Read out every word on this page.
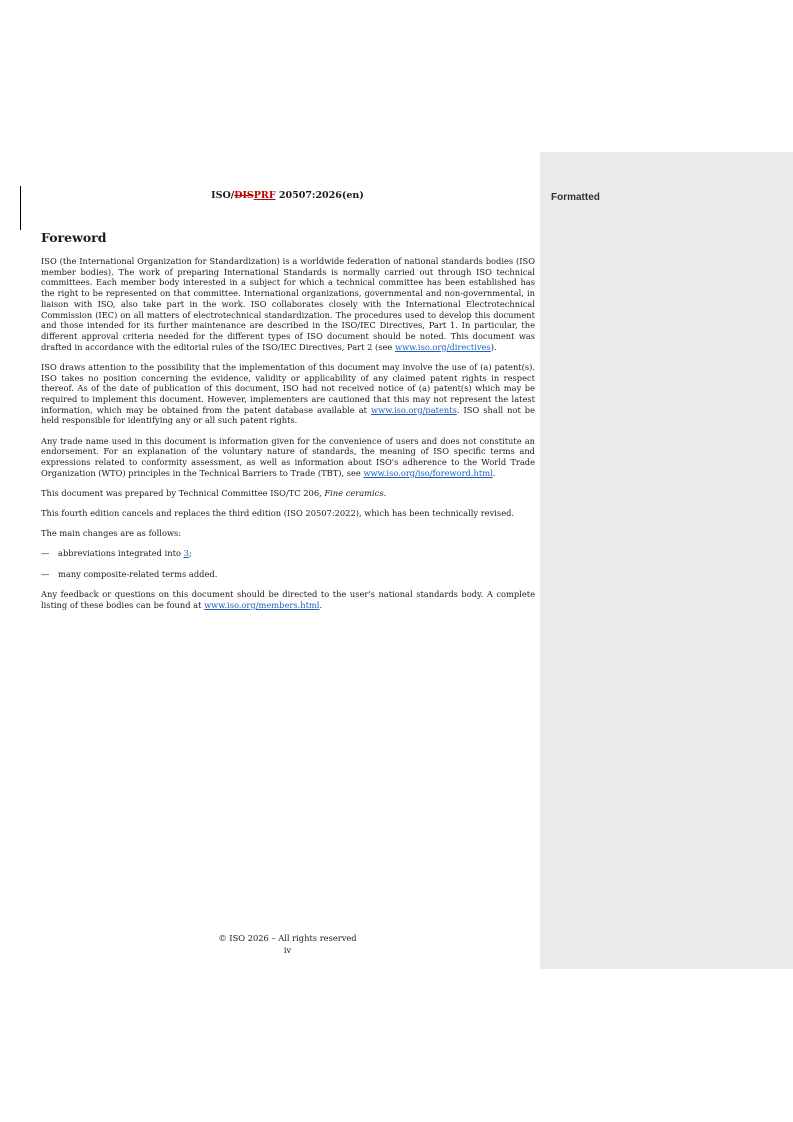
Formatted
ISO/DISPRF 20507:2026(en)
Foreword

ISO (the International Organization for Standardization) is a worldwide federation of national standards bodies (ISO member bodies). The work of preparing International Standards is normally carried out through ISO technical committees. Each member body interested in a subject for which a technical committee has been established has the right to be represented on that committee. International organizations, governmental and non-governmental, in liaison with ISO, also take part in the work. ISO collaborates closely with the International Electrotechnical Commission (IEC) on all matters of electrotechnical standardization. The procedures used to develop this document and those intended for its further maintenance are described in the ISO/IEC Directives, Part 1. In particular, the different approval criteria needed for the different types of ISO document should be noted. This document was drafted in accordance with the editorial rules of the ISO/IEC Directives, Part 2 (see www.iso.org/directives).

ISO draws attention to the possibility that the implementation of this document may involve the use of (a) patent(s). ISO takes no position concerning the evidence, validity or applicability of any claimed patent rights in respect thereof. As of the date of publication of this document, ISO had not received notice of (a) patent(s) which may be required to implement this document. However, implementers are cautioned that this may not represent the latest information, which may be obtained from the patent database available at www.iso.org/patents. ISO shall not be held responsible for identifying any or all such patent rights.

Any trade name used in this document is information given for the convenience of users and does not constitute an endorsement. For an explanation of the voluntary nature of standards, the meaning of ISO specific terms and expressions related to conformity assessment, as well as information about ISO's adherence to the World Trade Organization (WTO) principles in the Technical Barriers to Trade (TBT), see www.iso.org/iso/foreword.html.

This document was prepared by Technical Committee ISO/TC 206, Fine ceramics.

This fourth edition cancels and replaces the third edition (ISO 20507:2022), which has been technically revised.

The main changes are as follows:

— abbreviations integrated into 3;
— many composite-related terms added.

Any feedback or questions on this document should be directed to the user's national standards body. A complete listing of these bodies can be found at www.iso.org/members.html.

© ISO 2026 – All rights reserved
iv
